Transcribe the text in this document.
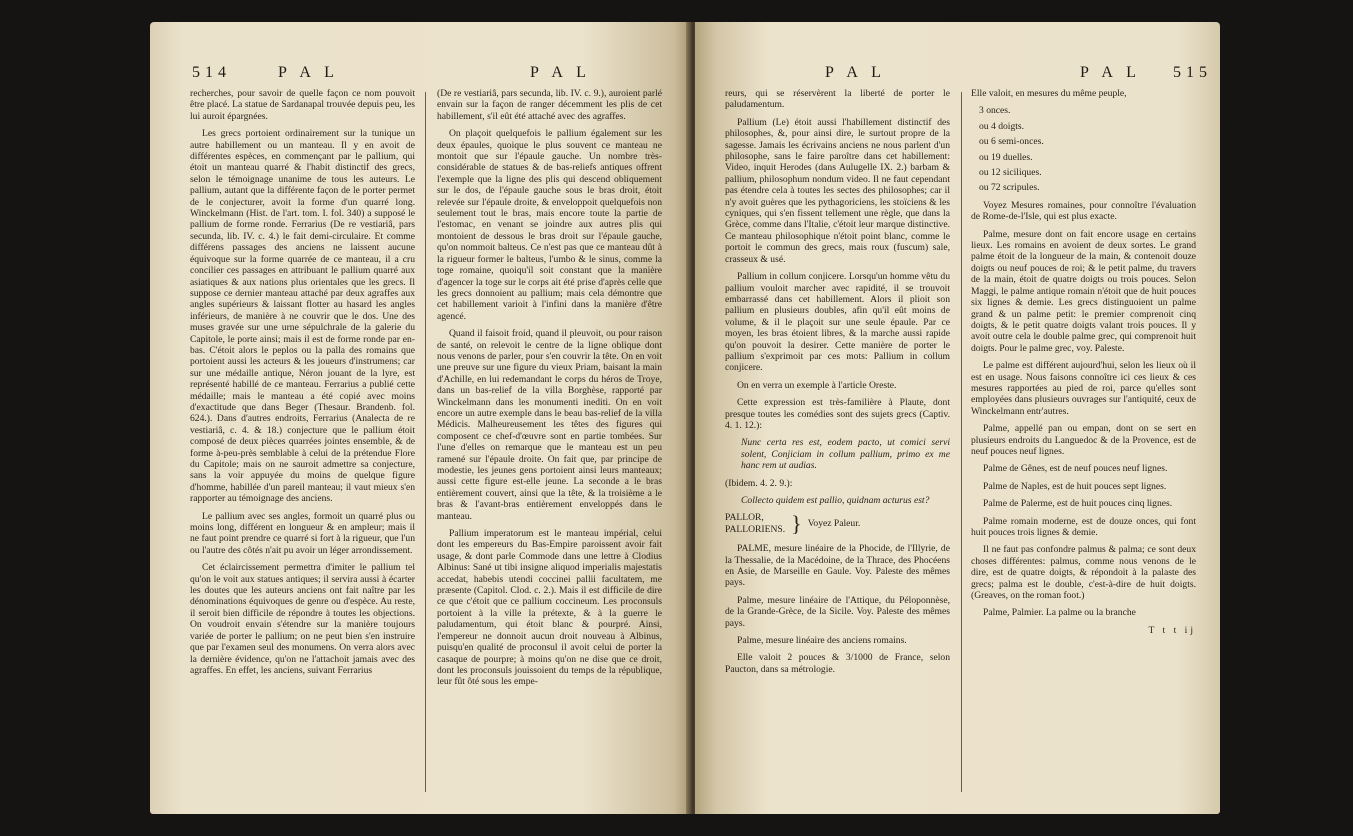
514	P A L	P A L

recherches, pour savoir de quelle façon ce nom pouvoit être placé. La statue de Sardanapal trouvée depuis peu, les lui auroit épargnées.

Les grecs portoient ordinairement sur la tunique un autre habillement ou un manteau. Il y en avoit de différentes espèces, en commençant par le pallium, qui étoit un manteau quarré & l'habit distinctif des grecs, selon le témoignage unanime de tous les auteurs. Le pallium, autant que la différente façon de le porter permet de le conjecturer, avoit la forme d'un quarré long. Winckelmann (Hist. de l'art. tom. I. fol. 340) a supposé le pallium de forme ronde. Ferrarius (De re vestiariâ, pars secunda, lib. IV. c. 4.) le fait demi-circulaire. Et comme différens passages des anciens ne laissent aucune équivoque sur la forme quarrée de ce manteau, il a cru concilier ces passages en attribuant le pallium quarré aux asiatiques & aux nations plus orientales que les grecs. Il suppose ce dernier manteau attaché par deux agraffes aux angles supérieurs & laissant flotter au hasard les angles inférieurs, de manière à ne couvrir que le dos. Une des muses gravée sur une urne sépulchrale de la galerie du Capitole, le porte ainsi; mais il est de forme ronde par en-bas. C'étoit alors le peplos ou la palla des romains que portoient aussi les acteurs & les joueurs d'instrumens; car sur une médaille antique, Néron jouant de la lyre, est représenté habillé de ce manteau. Ferrarius a publié cette médaille; mais le manteau a été copié avec moins d'exactitude que dans Beger (Thesaur. Brandenb. fol. 624.). Dans d'autres endroits, Ferrarius (Analecta de re vestiariâ, c. 4. & 18.) conjecture que le pallium étoit composé de deux pièces quarrées jointes ensemble, & de forme à-peu-près semblable à celui de la prétendue Flore du Capitole; mais on ne sauroit admettre sa conjecture, sans la voir appuyée du moins de quelque figure d'homme, habillée d'un pareil manteau; il vaut mieux s'en rapporter au témoignage des anciens.

Le pallium avec ses angles, formoit un quarré plus ou moins long, différent en longueur & en ampleur; mais il ne faut point prendre ce quarré si fort à la rigueur, que l'un ou l'autre des côtés n'ait pu avoir un léger arrondissement.

Cet éclaircissement permettra d'imiter le pallium tel qu'on le voit aux statues antiques; il servira aussi à écarter les doutes que les auteurs anciens ont fait naître par les dénominations équivoques de genre ou d'espèce. Au reste, il seroit bien difficile de répondre à toutes les objections. On voudroit envain s'étendre sur la manière toujours variée de porter le pallium; on ne peut bien s'en instruire que par l'examen seul des monumens. On verra alors avec la dernière évidence, qu'on ne l'attachoit jamais avec des agraffes. En effet, les anciens, suivant Ferrarius

(De re vestiariâ, pars secunda, lib. IV. c. 9.), auroient parlé envain sur la façon de ranger décemment les plis de cet habillement, s'il eût été attaché avec des agraffes.

On plaçoit quelquefois le pallium également sur les deux épaules, quoique le plus souvent ce manteau ne montoit que sur l'épaule gauche. Un nombre très-considérable de statues & de bas-reliefs antiques offrent l'exemple que la ligne des plis qui descend obliquement sur le dos, de l'épaule gauche sous le bras droit, étoit relevée sur l'épaule droite, & enveloppoit quelquefois non seulement tout le bras, mais encore toute la partie de l'estomac, en venant se joindre aux autres plis qui montoient de dessous le bras droit sur l'épaule gauche, qu'on nommoit balteus. Ce n'est pas que ce manteau dût à la rigueur former le balteus, l'umbo & le sinus, comme la toge romaine, quoiqu'il soit constant que la manière d'agencer la toge sur le corps ait été prise d'après celle que les grecs donnoient au pallium; mais cela démontre que cet habillement varioit à l'infini dans la manière d'être agencé.

Quand il faisoit froid, quand il pleuvoit, ou pour raison de santé, on relevoit le centre de la ligne oblique dont nous venons de parler, pour s'en couvrir la tête. On en voit une preuve sur une figure du vieux Priam, baisant la main d'Achille, en lui redemandant le corps du héros de Troye, dans un bas-relief de la villa Borghèse, rapporté par Winckelmann dans les monumenti inediti. On en voit encore un autre exemple dans le beau bas-relief de la villa Médicis. Malheureusement les têtes des figures qui composent ce chef-d'œuvre sont en partie tombées. Sur l'une d'elles on remarque que le manteau est un peu ramené sur l'épaule droite. On fait que, par principe de modestie, les jeunes gens portoient ainsi leurs manteaux; aussi cette figure est-elle jeune. La seconde a le bras entièrement couvert, ainsi que la tête, & la troisième a le bras & l'avant-bras entièrement enveloppés dans le manteau.

Pallium imperatorum est le manteau impérial, celui dont les empereurs du Bas-Empire paroissent avoir fait usage, & dont parle Commode dans une lettre à Clodius Albinus: Sané ut tibi insigne aliquod imperialis majestatis accedat, habebis utendi coccinei pallii facultatem, me præsente (Capitol. Clod. c. 2.). Mais il est difficile de dire ce que c'étoit que ce pallium coccineum. Les proconsuls portoient à la ville la prétexte, & à la guerre le paludamentum, qui étoit blanc & pourpré. Ainsi, l'empereur ne donnoit aucun droit nouveau à Albinus, puisqu'en qualité de proconsul il avoit celui de porter la casaque de pourpre; à moins qu'on ne dise que ce droit, dont les proconsuls jouissoient du temps de la république, leur fût ôté sous les empe-

P A L	P A L 515

reurs, qui se réservèrent la liberté de porter le paludamentum.

Pallium (Le) étoit aussi l'habillement distinctif des philosophes, &, pour ainsi dire, le surtout propre de la sagesse. Jamais les écrivains anciens ne nous parlent d'un philosophe, sans le faire paroître dans cet habillement: Video, inquit Herodes (dans Aulugelle IX. 2.) barbam & pallium, philosophum nondum video. Il ne faut cependant pas étendre cela à toutes les sectes des philosophes; car il n'y avoit guères que les pythagoriciens, les stoïciens & les cyniques, qui s'en fissent tellement une règle, que dans la Grèce, comme dans l'Italie, c'étoit leur marque distinctive. Ce manteau philosophique n'étoit point blanc, comme le portoit le commun des grecs, mais roux (fuscum) sale, crasseux & usé.

Pallium in collum conjicere. Lorsqu'un homme vêtu du pallium vouloit marcher avec rapidité, il se trouvoit embarrassé dans cet habillement. Alors il plioit son pallium en plusieurs doubles, afin qu'il eût moins de volume, & il le plaçoit sur une seule épaule. Par ce moyen, les bras étoient libres, & la marche aussi rapide qu'on pouvoit la desirer. Cette manière de porter le pallium s'exprimoit par ces mots: Pallium in collum conjicere.

On en verra un exemple à l'article Oreste.

Cette expression est très-familière à Plaute, dont presque toutes les comédies sont des sujets grecs (Captiv. 4. 1. 12.):

Nunc certa res est, eodem pacto, ut comici servi solent, Conjiciam in collum pallium, primo ex me hanc rem ut audias.

(Ibidem. 4. 2. 9.):

Collecto quidem est pallio, quidnam acturus est?

PALLOR,
PALLORIENS. } Voyez Paleur.

PALME, mesure linéaire de la Phocide, de l'Illyrie, de la Thessalie, de la Macédoine, de la Thrace, des Phocéens en Asie, de Marseille en Gaule. Voy. Paleste des mêmes pays.

Palme, mesure linéaire de l'Attique, du Péloponnèse, de la Grande-Grèce, de la Sicile. Voy. Paleste des mêmes pays.

Palme, mesure linéaire des anciens romains.

Elle valoit 2 pouces & 3/1000 de France, selon Paucton, dans sa métrologie.

Elle valoit, en mesures du même peuple,

3 onces.
ou 4 doigts.
ou 6 semi-onces.
ou 19 duelles.
ou 12 siciliques.
ou 72 scripules.

Voyez Mesures romaines, pour connoître l'évaluation de Rome-de-l'Isle, qui est plus exacte.

Palme, mesure dont on fait encore usage en certains lieux. Les romains en avoient de deux sortes. Le grand palme étoit de la longueur de la main, & contenoit douze doigts ou neuf pouces de roi; & le petit palme, du travers de la main, étoit de quatre doigts ou trois pouces. Selon Maggi, le palme antique romain n'étoit que de huit pouces six lignes & demie. Les grecs distinguoient un palme grand & un palme petit: le premier comprenoit cinq doigts, & le petit quatre doigts valant trois pouces. Il y avoit outre cela le double palme grec, qui comprenoit huit doigts. Pour le palme grec, voy. Paleste.

Le palme est différent aujourd'hui, selon les lieux où il est en usage. Nous faisons connoître ici ces lieux & ces mesures rapportées au pied de roi, parce qu'elles sont employées dans plusieurs ouvrages sur l'antiquité, ceux de Winckelmann entr'autres.

Palme, appellé pan ou empan, dont on se sert en plusieurs endroits du Languedoc & de la Provence, est de neuf pouces neuf lignes.

Palme de Gênes, est de neuf pouces neuf lignes.

Palme de Naples, est de huit pouces sept lignes.

Palme de Palerme, est de huit pouces cinq lignes.

Palme romain moderne, est de douze onces, qui font huit pouces trois lignes & demie.

Il ne faut pas confondre palmus & palma; ce sont deux choses différentes: palmus, comme nous venons de le dire, est de quatre doigts, & répondoit à la palaste des grecs; palma est le double, c'est-à-dire de huit doigts. (Greaves, on the roman foot.)

Palme, Palmier. La palme ou la branche

T t t ij
